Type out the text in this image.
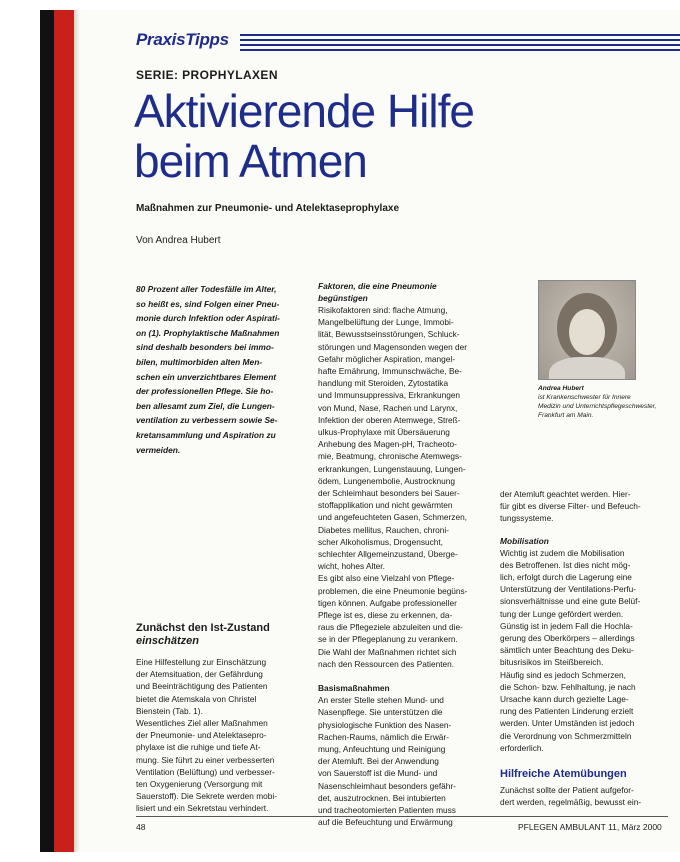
PraxisTipps
SERIE: PROPHYLAXEN
Aktivierende Hilfe
beim Atmen
Maßnahmen zur Pneumonie- und Atelektaseprophylaxe
Von Andrea Hubert

80 Prozent aller Todesfälle im Alter,

so heißt es, sind Folgen einer Pneu-

monie durch Infektion oder Aspirati-

on (1). Prophylaktische Maßnahmen

sind deshalb besonders bei immo-

bilen, multimorbiden alten Men-

schen ein unverzichtbares Element

der professionellen Pflege. Sie ho-

ben allesamt zum Ziel, die Lungen-

ventilation zu verbessern sowie Se-

kretansammlung und Aspiration zu

vermeiden.

Zunächst den Ist-Zustand
einschätzen

Eine Hilfestellung zur Einschätzung

der Atemsituation, der Gefährdung

und Beeinträchtigung des Patienten

bietet die Atemskala von Christel

Bienstein (Tab. 1).

Wesentliches Ziel aller Maßnahmen

der Pneumonie- und Atelektasepro-

phylaxe ist die ruhige und tiefe At-

mung. Sie führt zu einer verbesserten

Ventilation (Belüftung) und verbesser-

ten Oxygenierung (Versorgung mit

Sauerstoff). Die Sekrete werden mobi-

lisiert und ein Sekretstau verhindert.

Faktoren, die eine Pneumonie
begünstigen

Risikofaktoren sind: flache Atmung,

Mangelbelüftung der Lunge, Immobi-

lität, Bewusstseinsstörungen, Schluck-

störungen und Magensonden wegen der

Gefahr möglicher Aspiration, mangel-

hafte Ernährung, Immunschwäche, Be-

handlung mit Steroiden, Zytostatika

und Immunsuppressiva, Erkrankungen

von Mund, Nase, Rachen und Larynx,

Infektion der oberen Atemwege, Streß-

ulkus-Prophylaxe mit Übersäuerung

Anhebung des Magen-pH, Tracheoto-

mie, Beatmung, chronische Atemwegs-

erkrankungen, Lungenstauung, Lungen-

ödem, Lungenembolie, Austrocknung

der Schleimhaut besonders bei Sauer-

stoffapplikation und nicht gewärmten

und angefeuchteten Gasen, Schmerzen,

Diabetes mellitus, Rauchen, chroni-

scher Alkoholismus, Drogensucht,

schlechter Allgemeinzustand, Überge-

wicht, hohes Alter.

Es gibt also eine Vielzahl von Pflege-

problemen, die eine Pneumonie begüns-

tigen können. Aufgabe professioneller

Pflege ist es, diese zu erkennen, da-

raus die Pflegeziele abzuleiten und die-

se in der Pflegeplanung zu verankern.

Die Wahl der Maßnahmen richtet sich

nach den Ressourcen des Patienten.

Basismaßnahmen

An erster Stelle stehen Mund- und

Nasenpflege. Sie unterstützen die

physiologische Funktion des Nasen-

Rachen-Raums, nämlich die Erwär-

mung, Anfeuchtung und Reinigung

der Atemluft. Bei der Anwendung

von Sauerstoff ist die Mund- und

Nasenschleimhaut besonders gefähr-

det, auszutrocknen. Bei intubierten

und tracheotomierten Patienten muss

auf die Befeuchtung und Erwärmung

Andrea Hubert
ist Krankenschwester für Innere
Medizin und Unterrichtspflegeschwester,
Frankfurt am Main.

der Atemluft geachtet werden. Hier-

für gibt es diverse Filter- und Befeuch-

tungssysteme.

Mobilisation

Wichtig ist zudem die Mobilisation

des Betroffenen. Ist dies nicht mög-

lich, erfolgt durch die Lagerung eine

Unterstützung der Ventilations-Perfu-

sionsverhältnisse und eine gute Belüf-

tung der Lunge gefördert werden.

Günstig ist in jedem Fall die Hochla-

gerung des Oberkörpers – allerdings

sämtlich unter Beachtung des Deku-

bitusrisikos im Steißbereich.

Häufig sind es jedoch Schmerzen,

die Schon- bzw. Fehlhaltung, je nach

Ursache kann durch gezielte Lage-

rung des Patienten Linderung erzielt

werden. Unter Umständen ist jedoch

die Verordnung von Schmerzmitteln

erforderlich.

Hilfreiche Atemübungen

Zunächst sollte der Patient aufgefor-

dert werden, regelmäßig, bewusst ein-

48	PFLEGEN AMBULANT 11, März 2000
